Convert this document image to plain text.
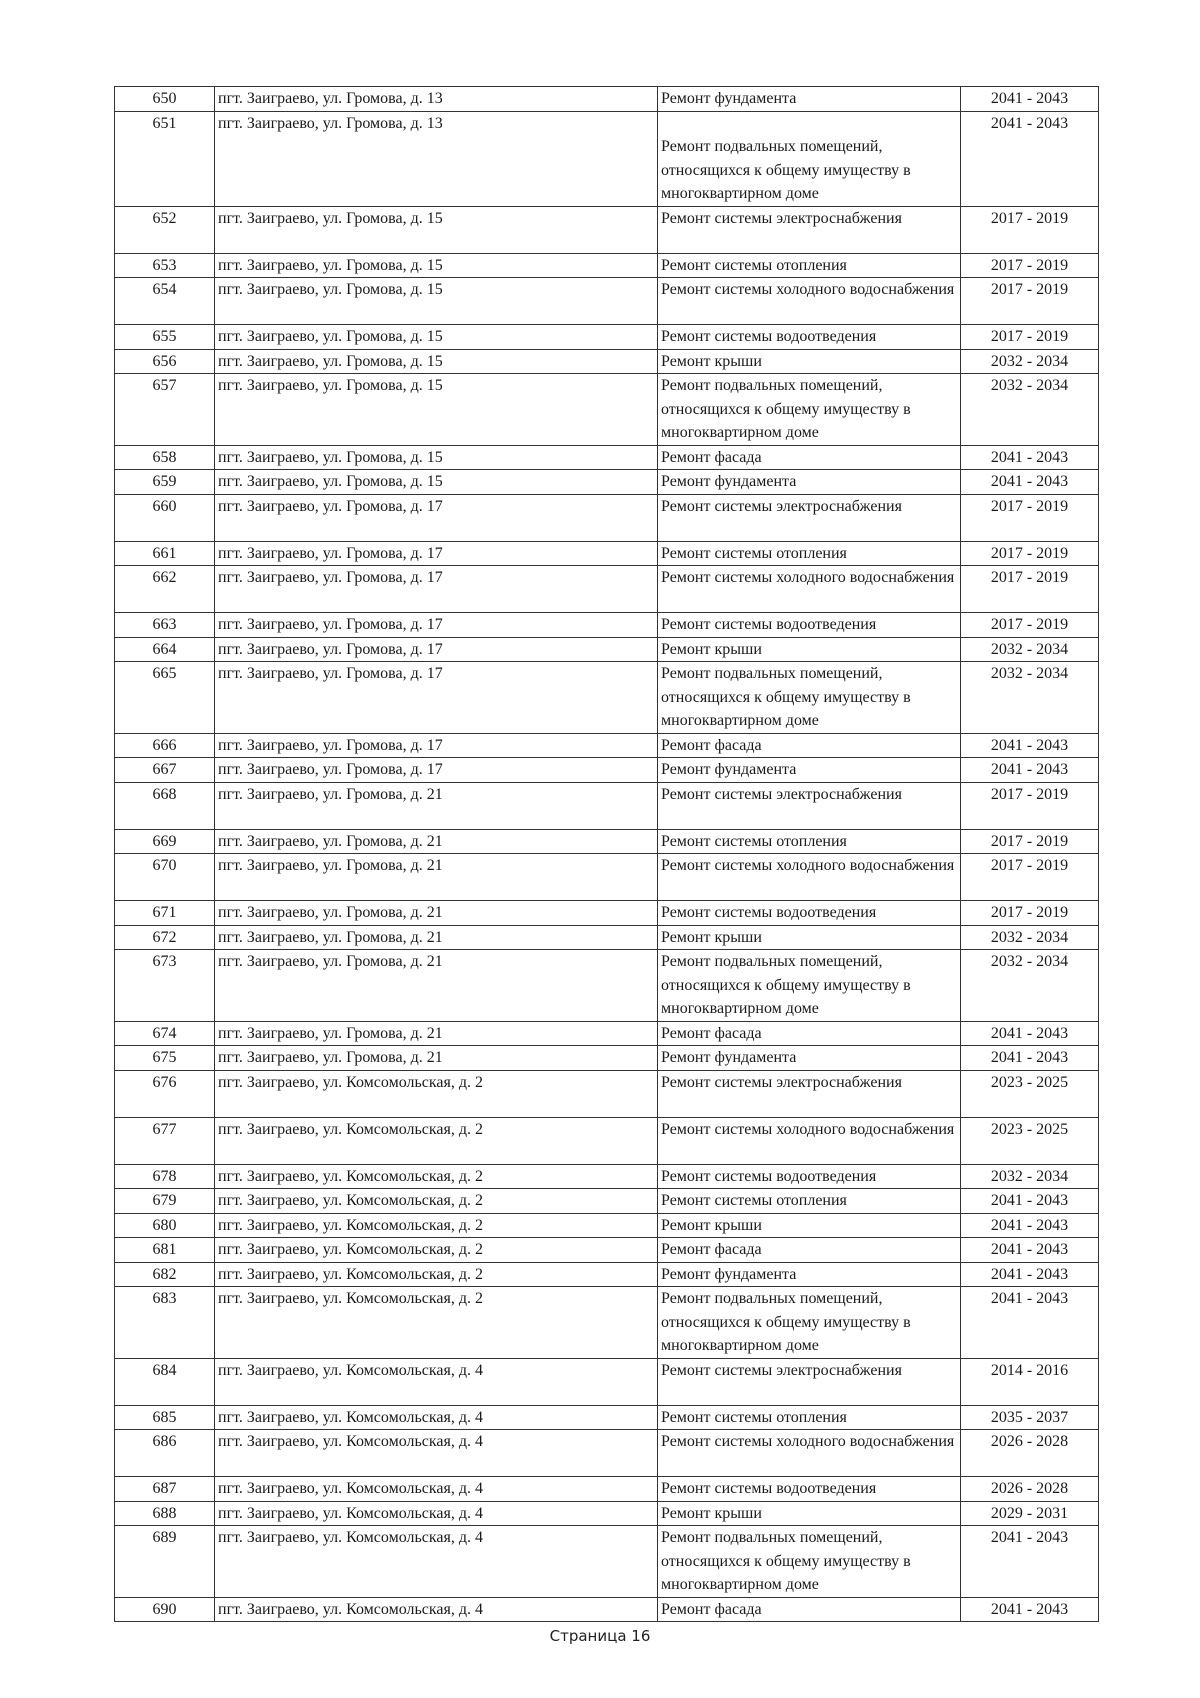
650	пгт. Заиграево, ул. Громова, д. 13	Ремонт фундамента	2041 - 2043
651	пгт. Заиграево, ул. Громова, д. 13	Ремонт подвальных помещений, относящихся к общему имуществу в многоквартирном доме	2041 - 2043
652	пгт. Заиграево, ул. Громова, д. 15	Ремонт системы электроснабжения	2017 - 2019
653	пгт. Заиграево, ул. Громова, д. 15	Ремонт системы отопления	2017 - 2019
654	пгт. Заиграево, ул. Громова, д. 15	Ремонт системы холодного водоснабжения	2017 - 2019
655	пгт. Заиграево, ул. Громова, д. 15	Ремонт системы водоотведения	2017 - 2019
656	пгт. Заиграево, ул. Громова, д. 15	Ремонт крыши	2032 - 2034
657	пгт. Заиграево, ул. Громова, д. 15	Ремонт подвальных помещений, относящихся к общему имуществу в многоквартирном доме	2032 - 2034
658	пгт. Заиграево, ул. Громова, д. 15	Ремонт фасада	2041 - 2043
659	пгт. Заиграево, ул. Громова, д. 15	Ремонт фундамента	2041 - 2043
660	пгт. Заиграево, ул. Громова, д. 17	Ремонт системы электроснабжения	2017 - 2019
661	пгт. Заиграево, ул. Громова, д. 17	Ремонт системы отопления	2017 - 2019
662	пгт. Заиграево, ул. Громова, д. 17	Ремонт системы холодного водоснабжения	2017 - 2019
663	пгт. Заиграево, ул. Громова, д. 17	Ремонт системы водоотведения	2017 - 2019
664	пгт. Заиграево, ул. Громова, д. 17	Ремонт крыши	2032 - 2034
665	пгт. Заиграево, ул. Громова, д. 17	Ремонт подвальных помещений, относящихся к общему имуществу в многоквартирном доме	2032 - 2034
666	пгт. Заиграево, ул. Громова, д. 17	Ремонт фасада	2041 - 2043
667	пгт. Заиграево, ул. Громова, д. 17	Ремонт фундамента	2041 - 2043
668	пгт. Заиграево, ул. Громова, д. 21	Ремонт системы электроснабжения	2017 - 2019
669	пгт. Заиграево, ул. Громова, д. 21	Ремонт системы отопления	2017 - 2019
670	пгт. Заиграево, ул. Громова, д. 21	Ремонт системы холодного водоснабжения	2017 - 2019
671	пгт. Заиграево, ул. Громова, д. 21	Ремонт системы водоотведения	2017 - 2019
672	пгт. Заиграево, ул. Громова, д. 21	Ремонт крыши	2032 - 2034
673	пгт. Заиграево, ул. Громова, д. 21	Ремонт подвальных помещений, относящихся к общему имуществу в многоквартирном доме	2032 - 2034
674	пгт. Заиграево, ул. Громова, д. 21	Ремонт фасада	2041 - 2043
675	пгт. Заиграево, ул. Громова, д. 21	Ремонт фундамента	2041 - 2043
676	пгт. Заиграево, ул. Комсомольская, д. 2	Ремонт системы электроснабжения	2023 - 2025
677	пгт. Заиграево, ул. Комсомольская, д. 2	Ремонт системы холодного водоснабжения	2023 - 2025
678	пгт. Заиграево, ул. Комсомольская, д. 2	Ремонт системы водоотведения	2032 - 2034
679	пгт. Заиграево, ул. Комсомольская, д. 2	Ремонт системы отопления	2041 - 2043
680	пгт. Заиграево, ул. Комсомольская, д. 2	Ремонт крыши	2041 - 2043
681	пгт. Заиграево, ул. Комсомольская, д. 2	Ремонт фасада	2041 - 2043
682	пгт. Заиграево, ул. Комсомольская, д. 2	Ремонт фундамента	2041 - 2043
683	пгт. Заиграево, ул. Комсомольская, д. 2	Ремонт подвальных помещений, относящихся к общему имуществу в многоквартирном доме	2041 - 2043
684	пгт. Заиграево, ул. Комсомольская, д. 4	Ремонт системы электроснабжения	2014 - 2016
685	пгт. Заиграево, ул. Комсомольская, д. 4	Ремонт системы отопления	2035 - 2037
686	пгт. Заиграево, ул. Комсомольская, д. 4	Ремонт системы холодного водоснабжения	2026 - 2028
687	пгт. Заиграево, ул. Комсомольская, д. 4	Ремонт системы водоотведения	2026 - 2028
688	пгт. Заиграево, ул. Комсомольская, д. 4	Ремонт крыши	2029 - 2031
689	пгт. Заиграево, ул. Комсомольская, д. 4	Ремонт подвальных помещений, относящихся к общему имуществу в многоквартирном доме	2041 - 2043
690	пгт. Заиграево, ул. Комсомольская, д. 4	Ремонт фасада	2041 - 2043
Страница 16
